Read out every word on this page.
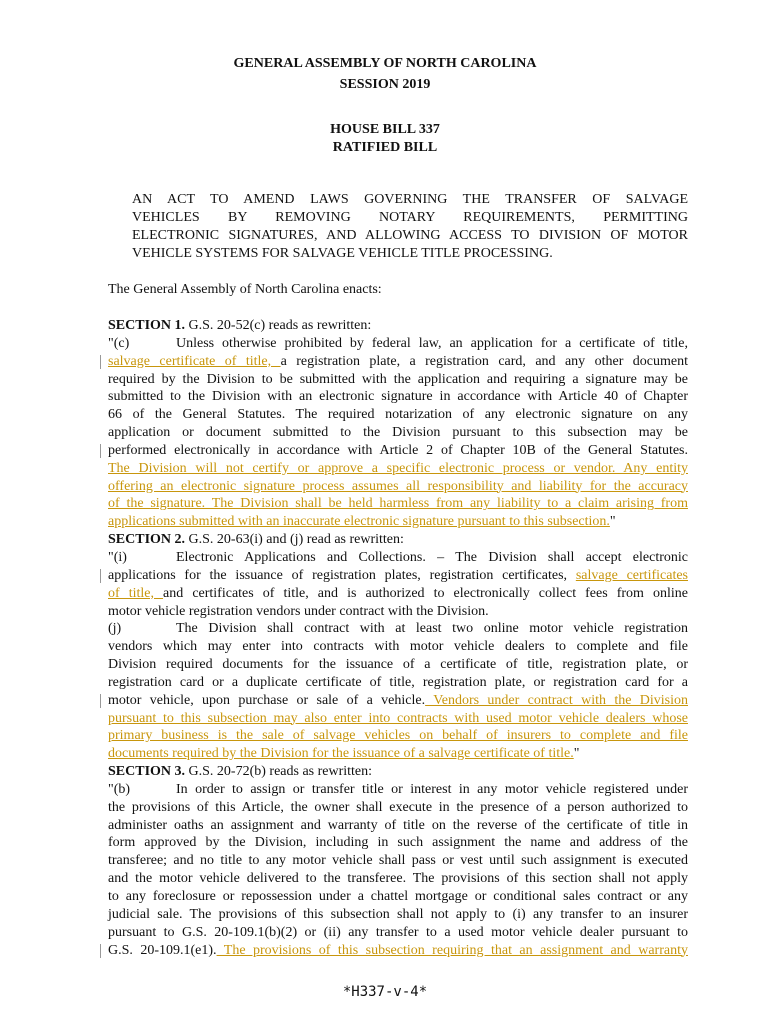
GENERAL ASSEMBLY OF NORTH CAROLINA
SESSION 2019
HOUSE BILL 337
RATIFIED BILL
AN ACT TO AMEND LAWS GOVERNING THE TRANSFER OF SALVAGE
VEHICLES BY REMOVING NOTARY REQUIREMENTS, PERMITTING
ELECTRONIC SIGNATURES, AND ALLOWING ACCESS TO DIVISION OF MOTOR
VEHICLE SYSTEMS FOR SALVAGE VEHICLE TITLE PROCESSING.
The General Assembly of North Carolina enacts:
SECTION 1. G.S. 20-52(c) reads as rewritten:
"(c)	Unless otherwise prohibited by federal law, an application for a certificate of title,
salvage certificate of title, a registration plate, a registration card, and any other document
required by the Division to be submitted with the application and requiring a signature may be
submitted to the Division with an electronic signature in accordance with Article 40 of Chapter
66 of the General Statutes. The required notarization of any electronic signature on any
application or document submitted to the Division pursuant to this subsection may be
performed electronically in accordance with Article 2 of Chapter 10B of the General Statutes.
The Division will not certify or approve a specific electronic process or vendor. Any entity
offering an electronic signature process assumes all responsibility and liability for the accuracy
of the signature. The Division shall be held harmless from any liability to a claim arising from
applications submitted with an inaccurate electronic signature pursuant to this subsection."
SECTION 2. G.S. 20-63(i) and (j) read as rewritten:
"(i)	Electronic Applications and Collections. – The Division shall accept electronic
applications for the issuance of registration plates, registration certificates, salvage certificates
of title, and certificates of title, and is authorized to electronically collect fees from online
motor vehicle registration vendors under contract with the Division.
(j)	The Division shall contract with at least two online motor vehicle registration
vendors which may enter into contracts with motor vehicle dealers to complete and file
Division required documents for the issuance of a certificate of title, registration plate, or
registration card or a duplicate certificate of title, registration plate, or registration card for a
motor vehicle, upon purchase or sale of a vehicle. Vendors under contract with the Division
pursuant to this subsection may also enter into contracts with used motor vehicle dealers whose
primary business is the sale of salvage vehicles on behalf of insurers to complete and file
documents required by the Division for the issuance of a salvage certificate of title."
SECTION 3. G.S. 20-72(b) reads as rewritten:
"(b)	In order to assign or transfer title or interest in any motor vehicle registered under
the provisions of this Article, the owner shall execute in the presence of a person authorized to
administer oaths an assignment and warranty of title on the reverse of the certificate of title in
form approved by the Division, including in such assignment the name and address of the
transferee; and no title to any motor vehicle shall pass or vest until such assignment is executed
and the motor vehicle delivered to the transferee. The provisions of this section shall not apply
to any foreclosure or repossession under a chattel mortgage or conditional sales contract or any
judicial sale. The provisions of this subsection shall not apply to (i) any transfer to an insurer
pursuant to G.S. 20-109.1(b)(2) or (ii) any transfer to a used motor vehicle dealer pursuant to
G.S. 20-109.1(e1). The provisions of this subsection requiring that an assignment and warranty
*H337-v-4*
